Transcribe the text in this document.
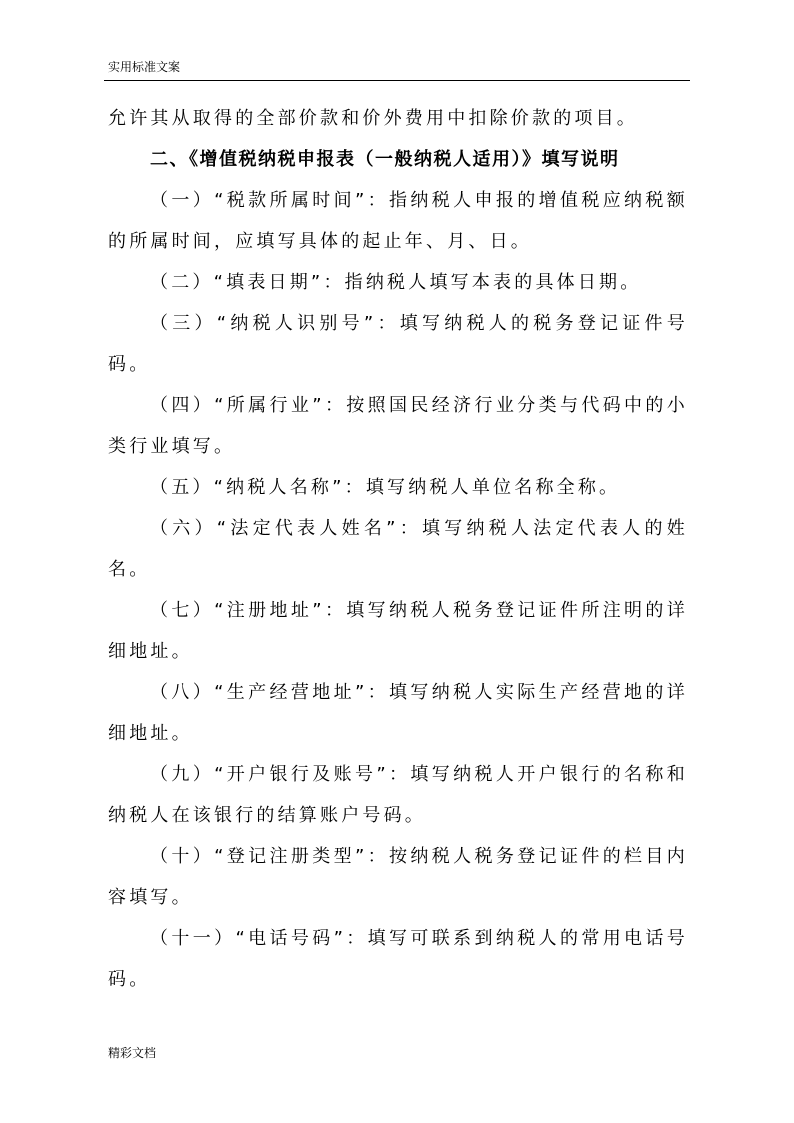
实用标准文案

允许其从取得的全部价款和价外费用中扣除价款的项目。

二、《增值税纳税申报表（一般纳税人适用）》填写说明

（一）“税款所属时间”：指纳税人申报的增值税应纳税额的所属时间，应填写具体的起止年、月、日。

（二）“填表日期”：指纳税人填写本表的具体日期。

（三）“纳税人识别号”：填写纳税人的税务登记证件号码。

（四）“所属行业”：按照国民经济行业分类与代码中的小类行业填写。

（五）“纳税人名称”：填写纳税人单位名称全称。

（六）“法定代表人姓名”：填写纳税人法定代表人的姓名。

（七）“注册地址”：填写纳税人税务登记证件所注明的详细地址。

（八）“生产经营地址”：填写纳税人实际生产经营地的详细地址。

（九）“开户银行及账号”：填写纳税人开户银行的名称和纳税人在该银行的结算账户号码。

（十）“登记注册类型”：按纳税人税务登记证件的栏目内容填写。

（十一）“电话号码”：填写可联系到纳税人的常用电话号码。

精彩文档
